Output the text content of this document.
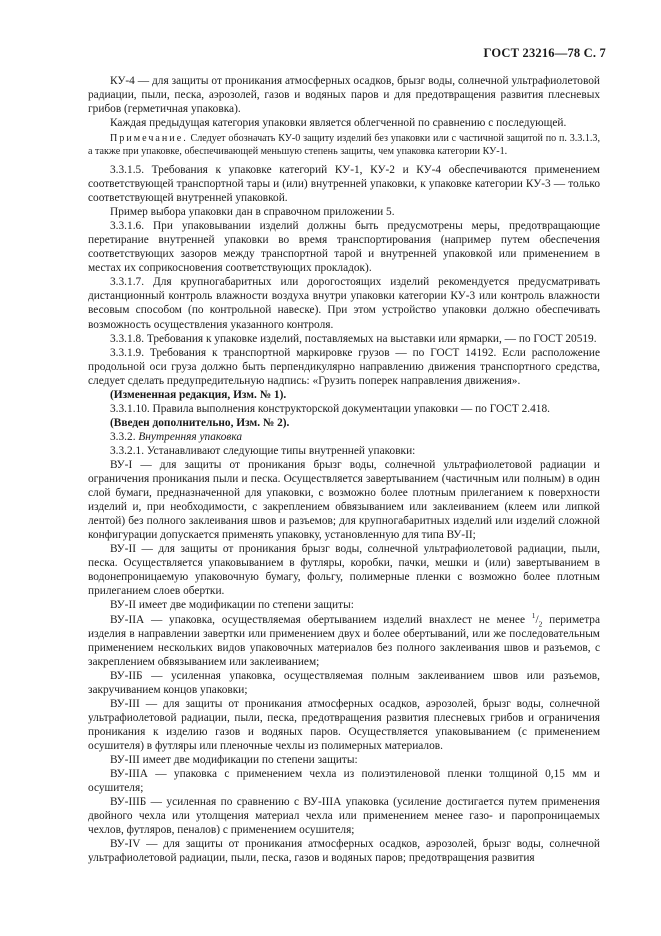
ГОСТ 23216—78 С. 7

КУ-4 — для защиты от проникания атмосферных осадков, брызг воды, солнечной ультрафиолетовой радиации, пыли, песка, аэрозолей, газов и водяных паров и для предотвращения развития плесневых грибов (герметичная упаковка).

Каждая предыдущая категория упаковки является облегченной по сравнению с последующей.

Примечание. Следует обозначать КУ-0 защиту изделий без упаковки или с частичной защитой по п. 3.3.1.3, а также при упаковке, обеспечивающей меньшую степень защиты, чем упаковка категории КУ-1.

3.3.1.5. Требования к упаковке категорий КУ-1, КУ-2 и КУ-4 обеспечиваются применением соответствующей транспортной тары и (или) внутренней упаковки, к упаковке категории КУ-3 — только соответствующей внутренней упаковкой.

Пример выбора упаковки дан в справочном приложении 5.

3.3.1.6. При упаковывании изделий должны быть предусмотрены меры, предотвращающие перетирание внутренней упаковки во время транспортирования (например путем обеспечения соответствующих зазоров между транспортной тарой и внутренней упаковкой или применением в местах их соприкосновения соответствующих прокладок).

3.3.1.7. Для крупногабаритных или дорогостоящих изделий рекомендуется предусматривать дистанционный контроль влажности воздуха внутри упаковки категории КУ-3 или контроль влажности весовым способом (по контрольной навеске). При этом устройство упаковки должно обеспечивать возможность осуществления указанного контроля.

3.3.1.8. Требования к упаковке изделий, поставляемых на выставки или ярмарки, — по ГОСТ 20519.

3.3.1.9. Требования к транспортной маркировке грузов — по ГОСТ 14192. Если расположение продольной оси груза должно быть перпендикулярно направлению движения транспортного средства, следует сделать предупредительную надпись: «Грузить поперек направления движения».

(Измененная редакция, Изм. № 1).

3.3.1.10. Правила выполнения конструкторской документации упаковки — по ГОСТ 2.418.

(Введен дополнительно, Изм. № 2).

3.3.2. Внутренняя упаковка

3.3.2.1. Устанавливают следующие типы внутренней упаковки:

ВУ-I — для защиты от проникания брызг воды, солнечной ультрафиолетовой радиации и ограничения проникания пыли и песка. Осуществляется завертыванием (частичным или полным) в один слой бумаги, предназначенной для упаковки, с возможно более плотным прилеганием к поверхности изделий и, при необходимости, с закреплением обвязыванием или заклеиванием (клеем или липкой лентой) без полного заклеивания швов и разъемов; для крупногабаритных изделий или изделий сложной конфигурации допускается применять упаковку, установленную для типа ВУ-II;

ВУ-II — для защиты от проникания брызг воды, солнечной ультрафиолетовой радиации, пыли, песка. Осуществляется упаковыванием в футляры, коробки, пачки, мешки и (или) завертыванием в водонепроницаемую упаковочную бумагу, фольгу, полимерные пленки с возможно более плотным прилеганием слоев обертки.

ВУ-II имеет две модификации по степени защиты:

ВУ-IIА — упаковка, осуществляемая обертыванием изделий внахлест не менее $^1/_2$ периметра изделия в направлении завертки или применением двух и более обертываний, или же последовательным применением нескольких видов упаковочных материалов без полного заклеивания швов и разъемов, с закреплением обвязыванием или заклеиванием;

ВУ-IIБ — усиленная упаковка, осуществляемая полным заклеиванием швов или разъемов, закручиванием концов упаковки;

ВУ-III — для защиты от проникания атмосферных осадков, аэрозолей, брызг воды, солнечной ультрафиолетовой радиации, пыли, песка, предотвращения развития плесневых грибов и ограничения проникания к изделию газов и водяных паров. Осуществляется упаковыванием (с применением осушителя) в футляры или пленочные чехлы из полимерных материалов.

ВУ-III имеет две модификации по степени защиты:

ВУ-IIIА — упаковка с применением чехла из полиэтиленовой пленки толщиной 0,15 мм и осушителя;

ВУ-IIIБ — усиленная по сравнению с ВУ-IIIА упаковка (усиление достигается путем применения двойного чехла или утолщения материал чехла или применением менее газо- и паропроницаемых чехлов, футляров, пеналов) с применением осушителя;

ВУ-IV — для защиты от проникания атмосферных осадков, аэрозолей, брызг воды, солнечной ультрафиолетовой радиации, пыли, песка, газов и водяных паров; предотвращения развития
